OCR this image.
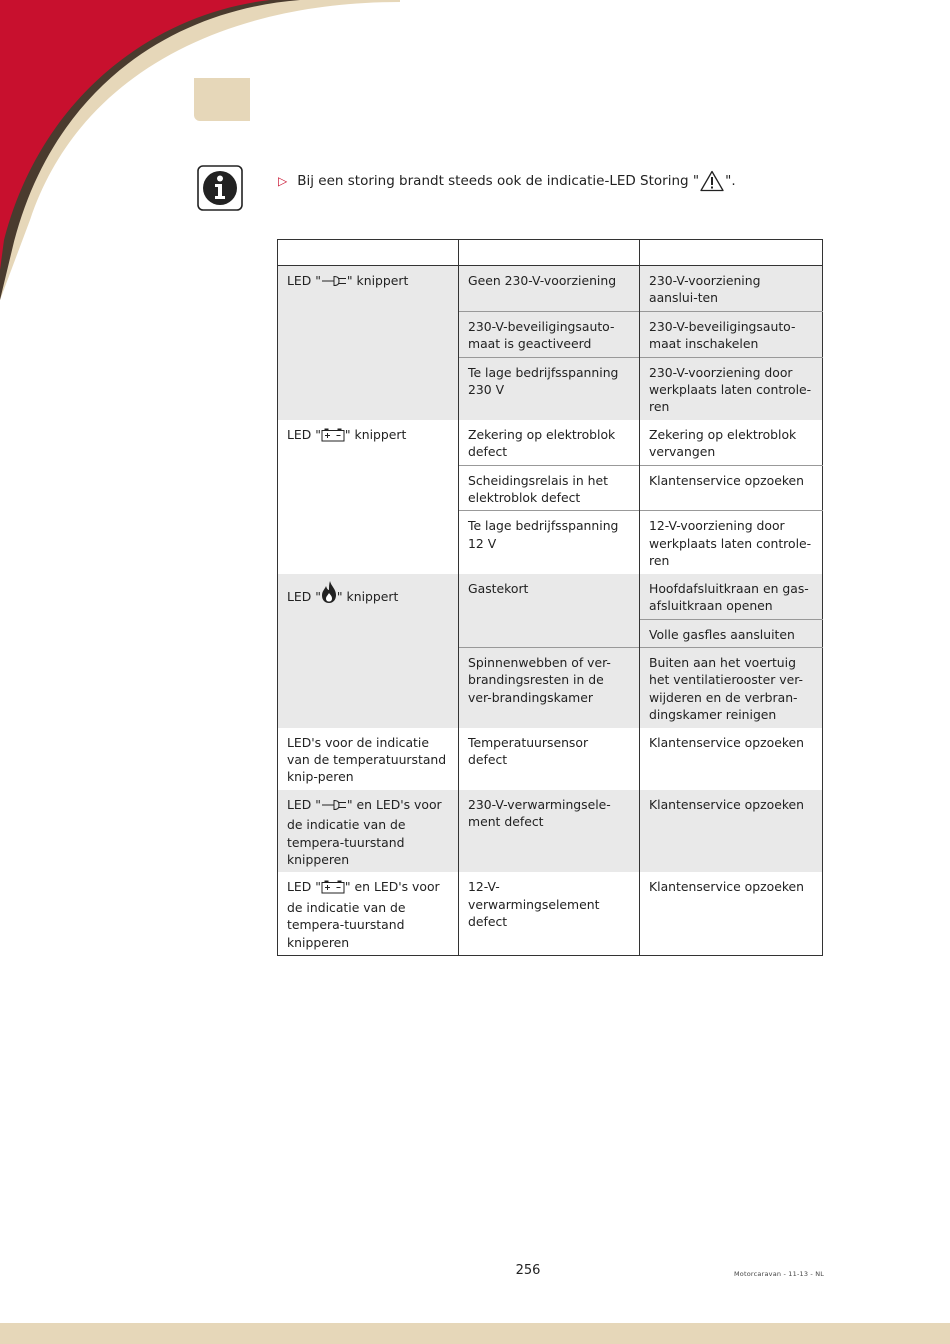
▷ Bij een storing brandt steeds ook de indicatie-LED Storing " ".

LED " " knippert	Geen 230-V-voorziening	230-V-voorziening aanslui-ten
	230-V-beveiligingsauto-maat is geactiveerd	230-V-beveiligingsauto-maat inschakelen
	Te lage bedrijfsspanning 230 V	230-V-voorziening door werkplaats laten controle-ren
LED " " knippert	Zekering op elektroblok defect	Zekering op elektroblok vervangen
	Scheidingsrelais in het elektroblok defect	Klantenservice opzoeken
	Te lage bedrijfsspanning 12 V	12-V-voorziening door werkplaats laten controle-ren
LED " " knippert	Gastekort	Hoofdafsluitkraan en gas-afsluitkraan openen
		Volle gasfles aansluiten
	Spinnenwebben of ver-brandingsresten in de ver-brandingskamer	Buiten aan het voertuig het ventilatierooster ver-wijderen en de verbran-dingskamer reinigen
LED's voor de indicatie van de temperatuurstand knip-peren	Temperatuursensor defect	Klantenservice opzoeken
LED " " en LED's voor de indicatie van de tempera-tuurstand knipperen	230-V-verwarmingsele-ment defect	Klantenservice opzoeken
LED " " en LED's voor de indicatie van de tempera-tuurstand knipperen	12-V-verwarmingselement defect	Klantenservice opzoeken
256	Motorcaravan - 11-13 - NL
